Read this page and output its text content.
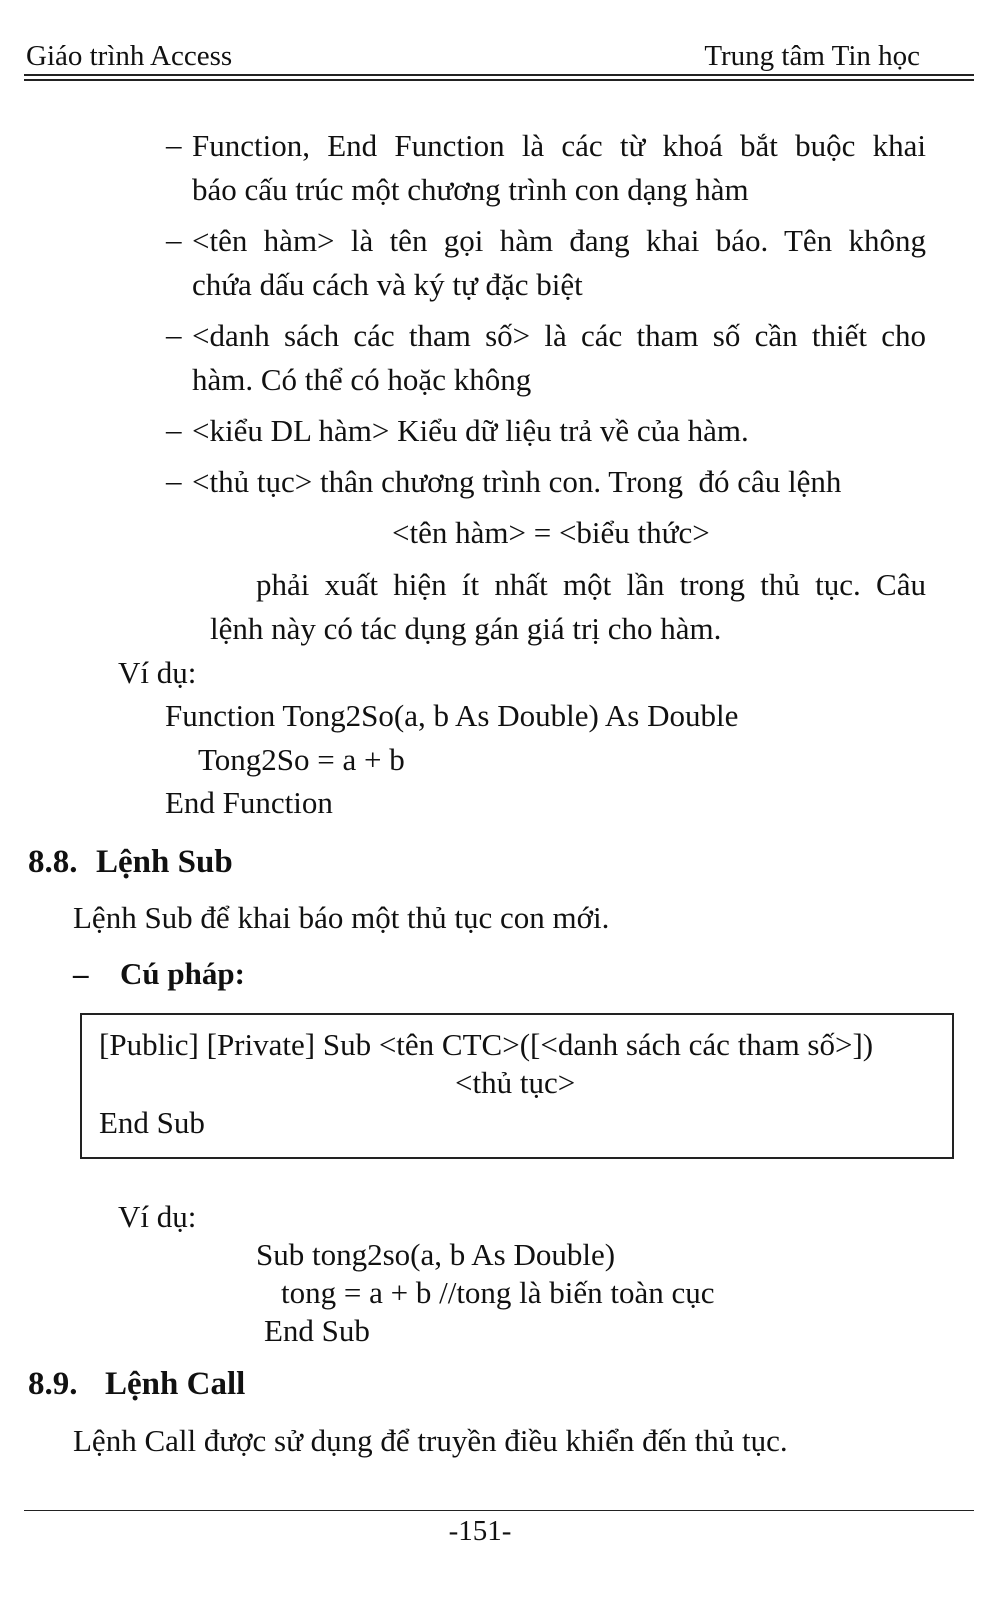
Giáo trình Access	Trung tâm Tin học
– Function, End Function là các từ khoá bắt buộc khai
báo cấu trúc một chương trình con dạng hàm
– <tên hàm> là tên gọi hàm đang khai báo. Tên không
chứa dấu cách và ký tự đặc biệt
– <danh sách các tham số> là các tham số cần thiết cho
hàm. Có thể có hoặc không
– <kiểu DL hàm> Kiểu dữ liệu trả về của hàm.
– <thủ tục> thân chương trình con. Trong  đó câu lệnh
<tên hàm> = <biểu thức>
phải xuất hiện ít nhất một lần trong thủ tục. Câu
lệnh này có tác dụng gán giá trị cho hàm.
Ví dụ:
Function Tong2So(a, b As Double) As Double
Tong2So = a + b
End Function
8.8. Lệnh Sub
Lệnh Sub để khai báo một thủ tục con mới.
– Cú pháp:
[Public] [Private] Sub <tên CTC>([<danh sách các tham số>])
<thủ tục>
End Sub
Ví dụ:
Sub tong2so(a, b As Double)
tong = a + b //tong là biến toàn cục
End Sub
8.9. Lệnh Call
Lệnh Call được sử dụng để truyền điều khiển đến thủ tục.
-151-
